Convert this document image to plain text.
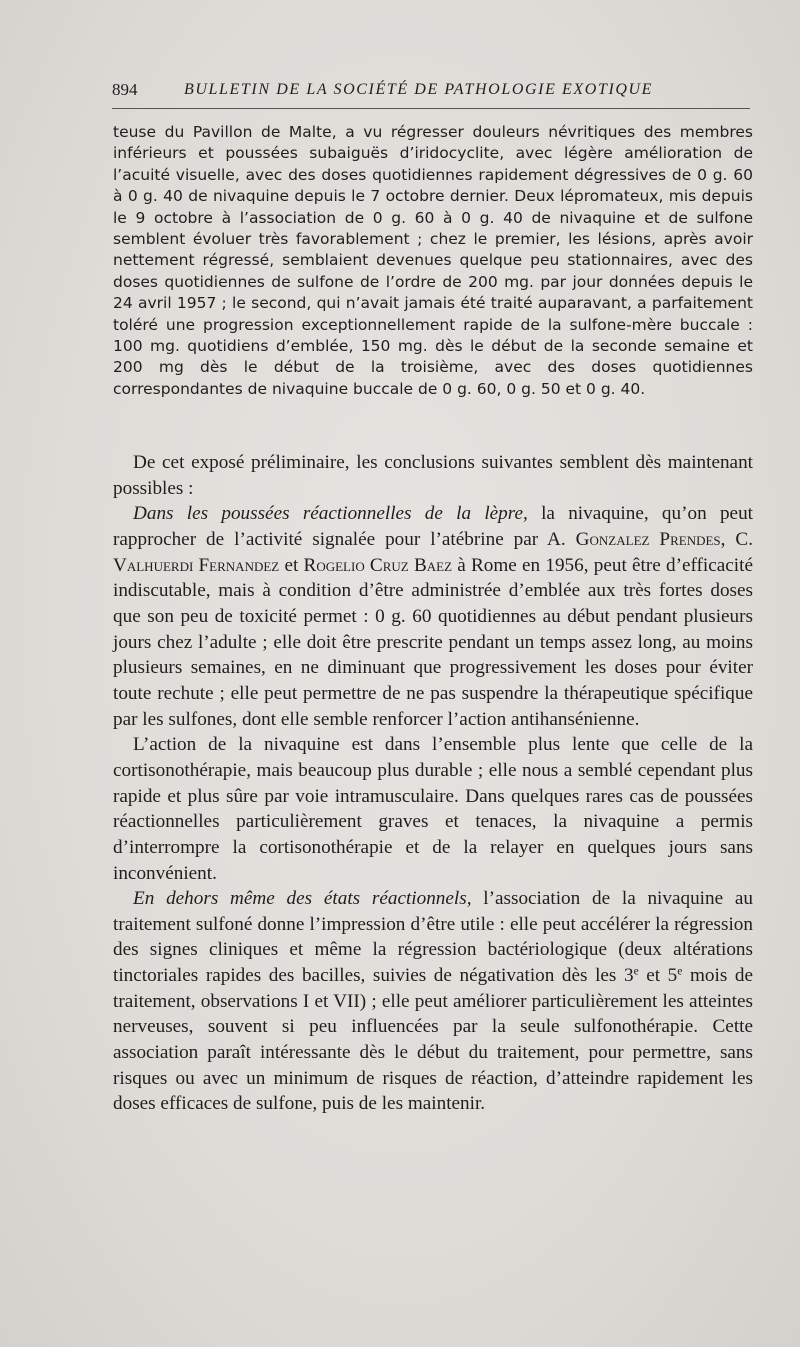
894	BULLETIN DE LA SOCIÉTÉ DE PATHOLOGIE EXOTIQUE

teuse du Pavillon de Malte, a vu régresser douleurs névritiques des membres inférieurs et poussées subaiguës d’iridocyclite, avec légère amélioration de l’acuité visuelle, avec des doses quotidiennes rapidement dégressives de 0 g. 60 à 0 g. 40 de nivaquine depuis le 7 octobre dernier. Deux lépromateux, mis depuis le 9 octobre à l’association de 0 g. 60 à 0 g. 40 de nivaquine et de sulfone semblent évoluer très favorablement ; chez le premier, les lésions, après avoir nettement régressé, semblaient devenues quelque peu stationnaires, avec des doses quotidiennes de sulfone de l’ordre de 200 mg. par jour données depuis le 24 avril 1957 ; le second, qui n’avait jamais été traité auparavant, a parfaitement toléré une progression exceptionnellement rapide de la sulfone-mère buccale : 100 mg. quotidiens d’emblée, 150 mg. dès le début de la seconde semaine et 200 mg dès le début de la troisième, avec des doses quotidiennes correspondantes de nivaquine buccale de 0 g. 60, 0 g. 50 et 0 g. 40.

De cet exposé préliminaire, les conclusions suivantes semblent dès maintenant possibles :

Dans les poussées réactionnelles de la lèpre, la nivaquine, qu’on peut rapprocher de l’activité signalée pour l’atébrine par A. Gonzalez Prendes, C. Valhuerdi Fernandez et Rogelio Cruz Baez à Rome en 1956, peut être d’efficacité indiscutable, mais à condition d’être administrée d’emblée aux très fortes doses que son peu de toxicité permet : 0 g. 60 quotidiennes au début pendant plusieurs jours chez l’adulte ; elle doit être prescrite pendant un temps assez long, au moins plusieurs semaines, en ne diminuant que progressivement les doses pour éviter toute rechute ; elle peut permettre de ne pas suspendre la thérapeutique spécifique par les sulfones, dont elle semble renforcer l’action antihansénienne.

L’action de la nivaquine est dans l’ensemble plus lente que celle de la cortisonothérapie, mais beaucoup plus durable ; elle nous a semblé cependant plus rapide et plus sûre par voie intramusculaire. Dans quelques rares cas de poussées réactionnelles particulièrement graves et tenaces, la nivaquine a permis d’interrompre la cortisonothérapie et de la relayer en quelques jours sans inconvénient.

En dehors même des états réactionnels, l’association de la nivaquine au traitement sulfoné donne l’impression d’être utile : elle peut accélérer la régression des signes cliniques et même la régression bactériologique (deux altérations tinctoriales rapides des bacilles, suivies de négativation dès les 3e et 5e mois de traitement, observations I et VII) ; elle peut améliorer particulièrement les atteintes nerveuses, souvent si peu influencées par la seule sulfonothérapie. Cette association paraît intéressante dès le début du traitement, pour permettre, sans risques ou avec un minimum de risques de réaction, d’atteindre rapidement les doses efficaces de sulfone, puis de les maintenir.
